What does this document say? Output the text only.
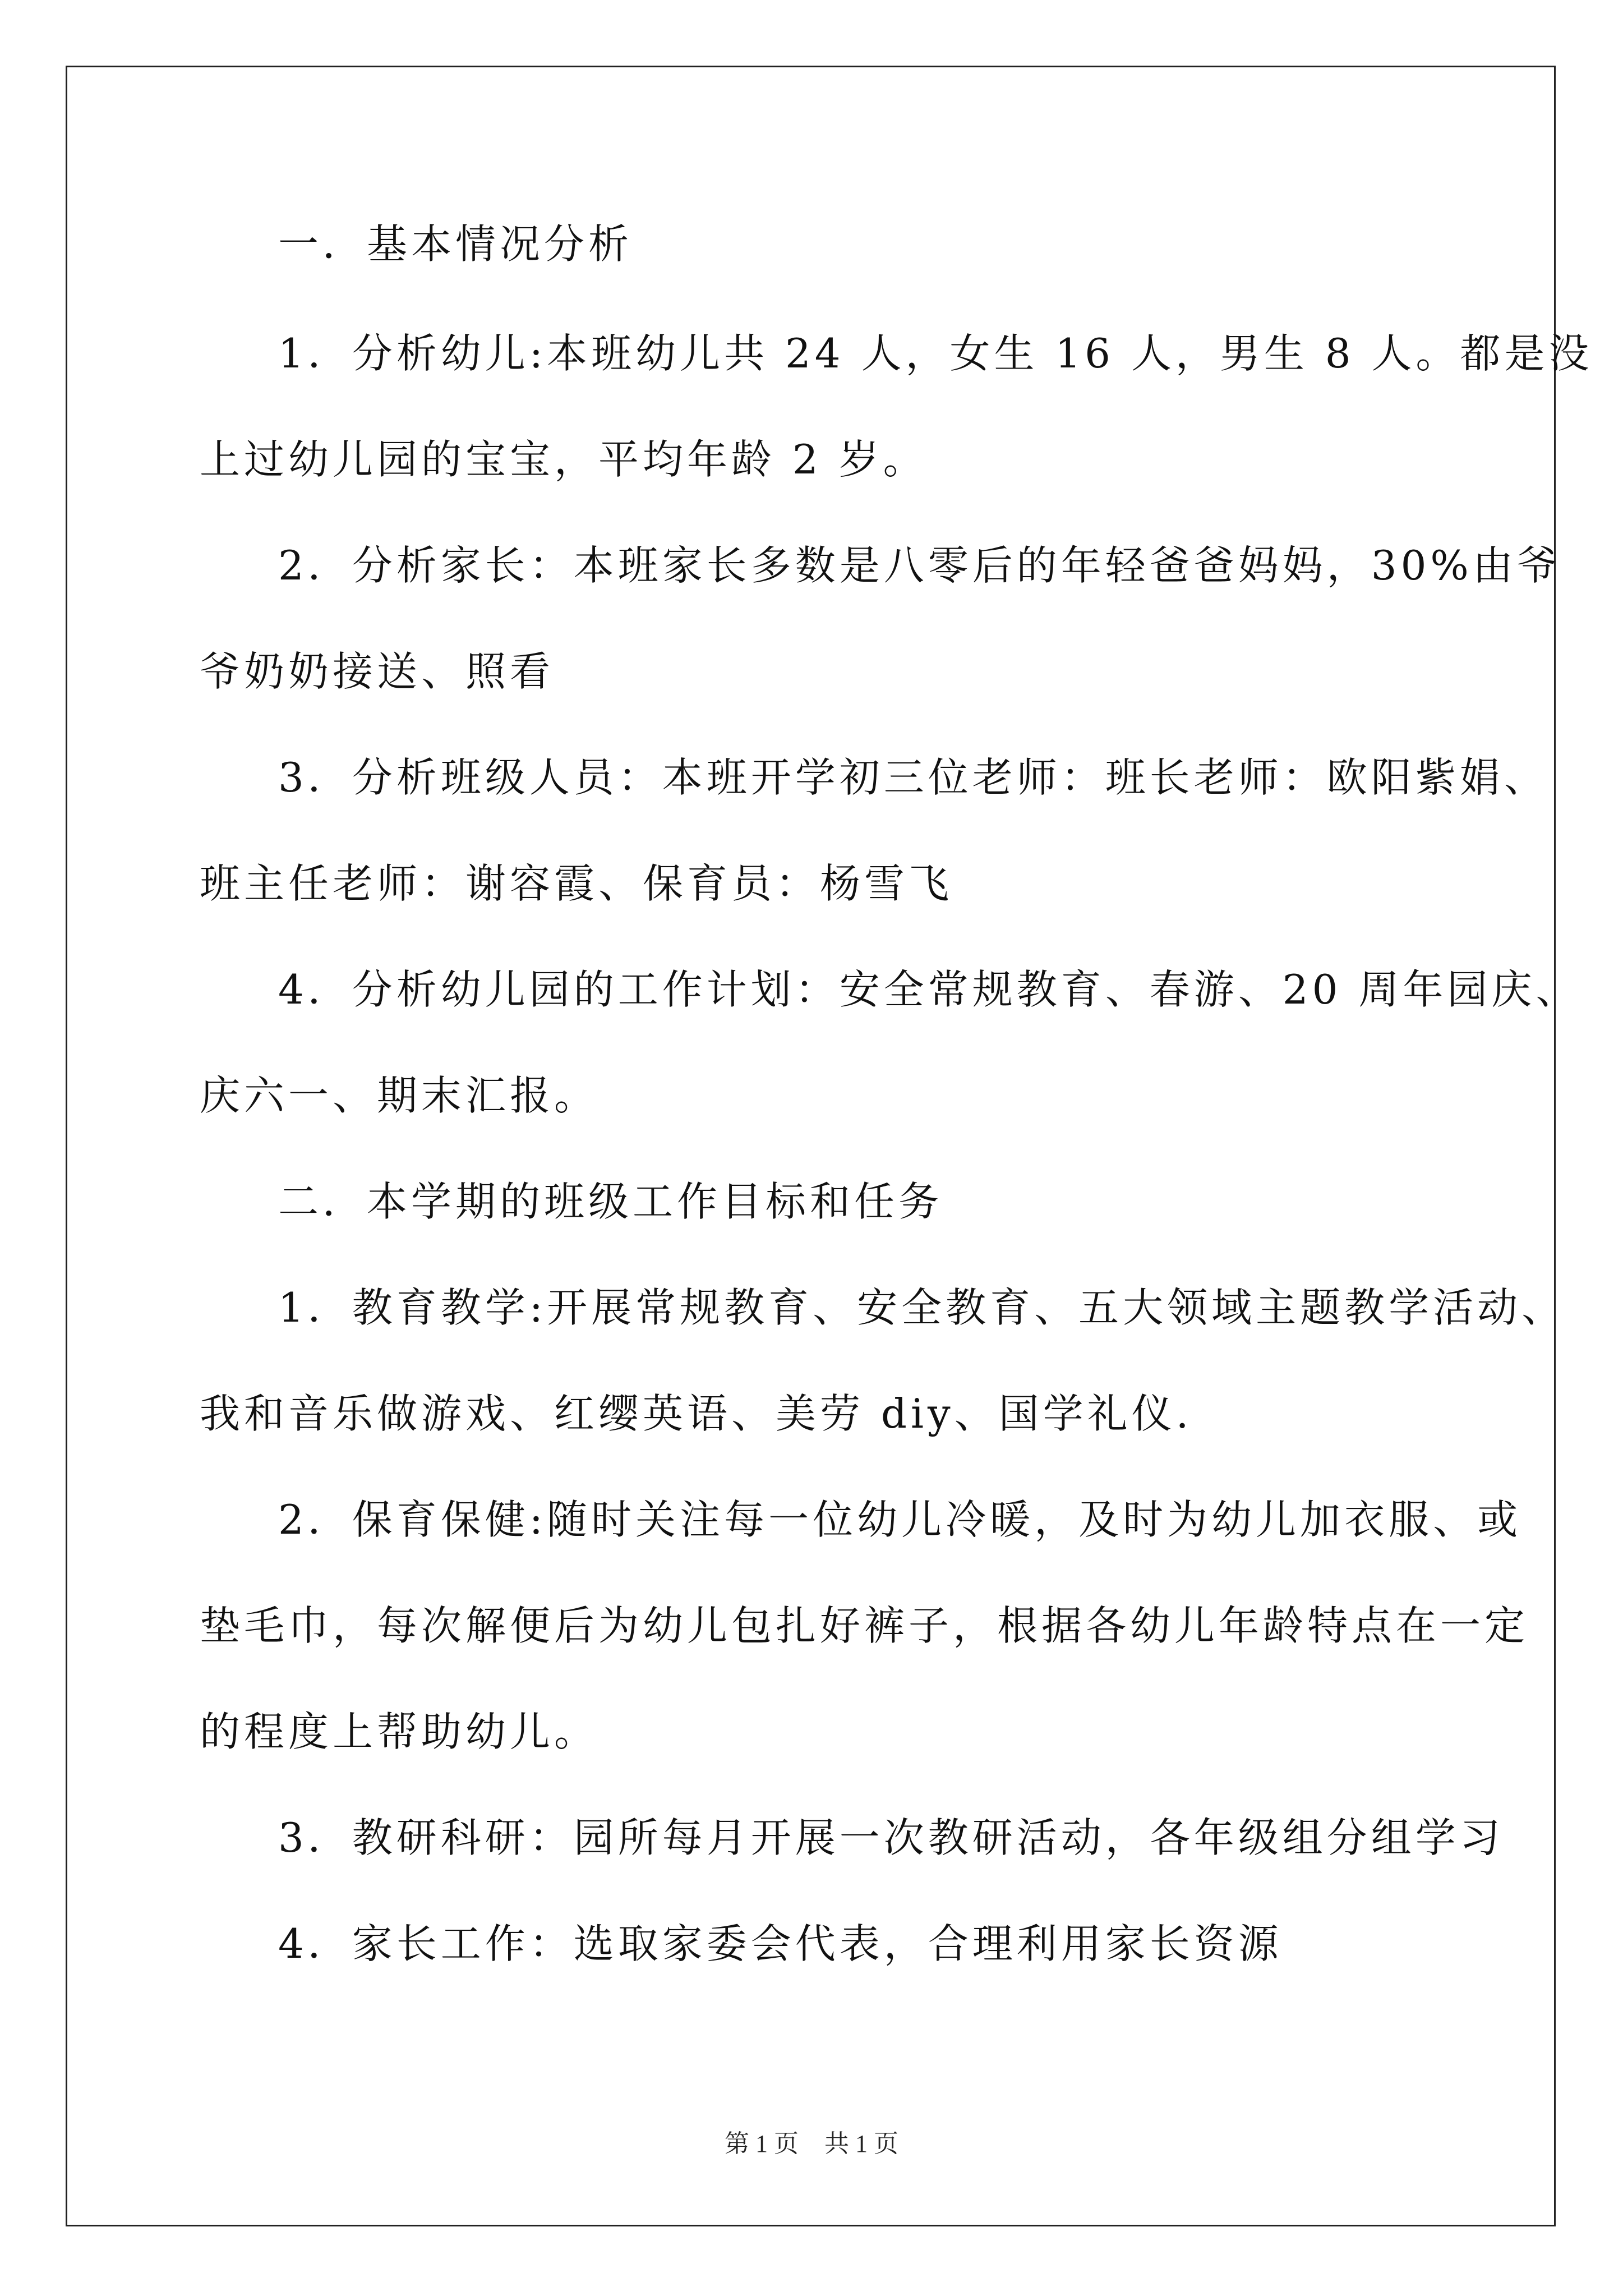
一．基本情况分析
1．分析幼儿:本班幼儿共 24 人，女生 16 人，男生 8 人。都是没
上过幼儿园的宝宝，平均年龄 2 岁。
2．分析家长：本班家长多数是八零后的年轻爸爸妈妈，30%由爷
爷奶奶接送、照看
3．分析班级人员：本班开学初三位老师：班长老师：欧阳紫娟、
班主任老师：谢容霞、保育员：杨雪飞
4．分析幼儿园的工作计划：安全常规教育、春游、20 周年园庆、
庆六一、期末汇报。
二．本学期的班级工作目标和任务
1．教育教学:开展常规教育、安全教育、五大领域主题教学活动、
我和音乐做游戏、红缨英语、美劳 diy、国学礼仪.
2．保育保健:随时关注每一位幼儿冷暖，及时为幼儿加衣服、或
垫毛巾，每次解便后为幼儿包扎好裤子，根据各幼儿年龄特点在一定
的程度上帮助幼儿。
3．教研科研：园所每月开展一次教研活动，各年级组分组学习
4．家长工作：选取家委会代表，合理利用家长资源
第 1 页 共 1 页
